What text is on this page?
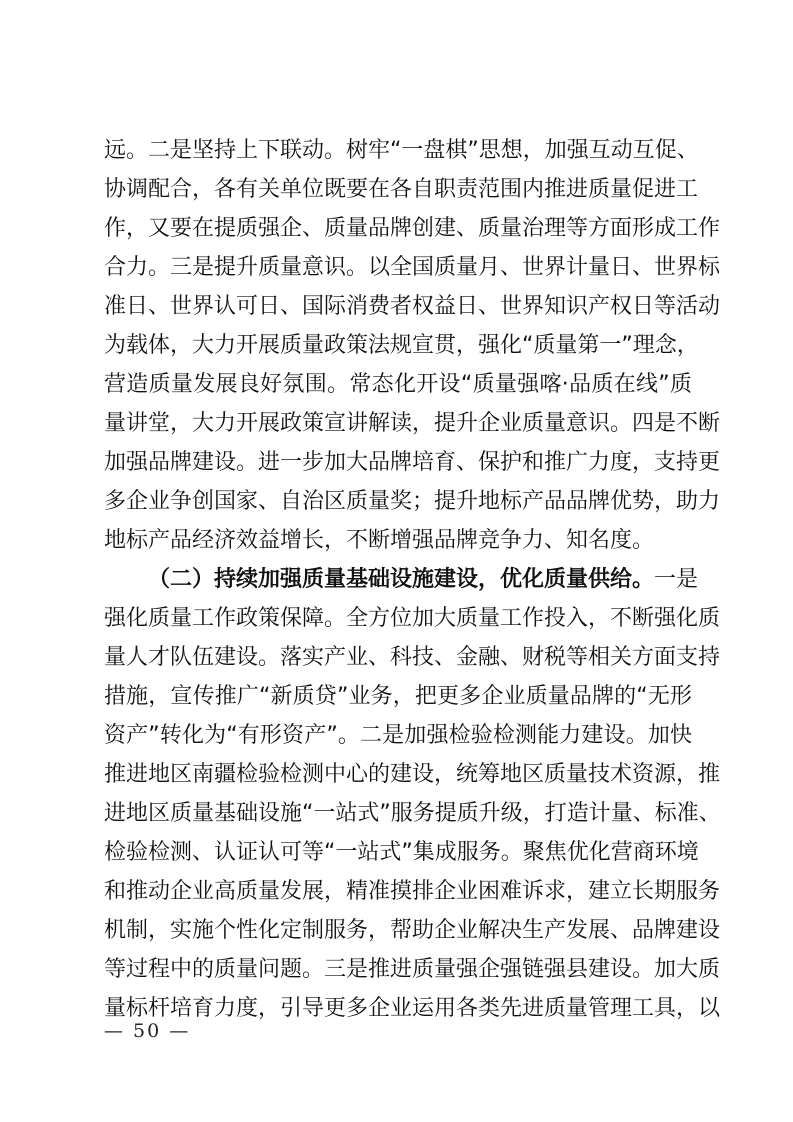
远。二是坚持上下联动。树牢“一盘棋”思想，加强互动互促、
协调配合，各有关单位既要在各自职责范围内推进质量促进工
作，又要在提质强企、质量品牌创建、质量治理等方面形成工作
合力。三是提升质量意识。以全国质量月、世界计量日、世界标
准日、世界认可日、国际消费者权益日、世界知识产权日等活动
为载体，大力开展质量政策法规宣贯，强化“质量第一”理念，
营造质量发展良好氛围。常态化开设“质量强喀·品质在线”质
量讲堂，大力开展政策宣讲解读，提升企业质量意识。四是不断
加强品牌建设。进一步加大品牌培育、保护和推广力度，支持更
多企业争创国家、自治区质量奖；提升地标产品品牌优势，助力
地标产品经济效益增长，不断增强品牌竞争力、知名度。
（二）持续加强质量基础设施建设，优化质量供给。一是
强化质量工作政策保障。全方位加大质量工作投入，不断强化质
量人才队伍建设。落实产业、科技、金融、财税等相关方面支持
措施，宣传推广“新质贷”业务，把更多企业质量品牌的“无形
资产”转化为“有形资产”。二是加强检验检测能力建设。加快
推进地区南疆检验检测中心的建设，统筹地区质量技术资源，推
进地区质量基础设施“一站式”服务提质升级，打造计量、标准、
检验检测、认证认可等“一站式”集成服务。聚焦优化营商环境
和推动企业高质量发展，精准摸排企业困难诉求，建立长期服务
机制，实施个性化定制服务，帮助企业解决生产发展、品牌建设
等过程中的质量问题。三是推进质量强企强链强县建设。加大质
量标杆培育力度，引导更多企业运用各类先进质量管理工具，以
— 50 —
